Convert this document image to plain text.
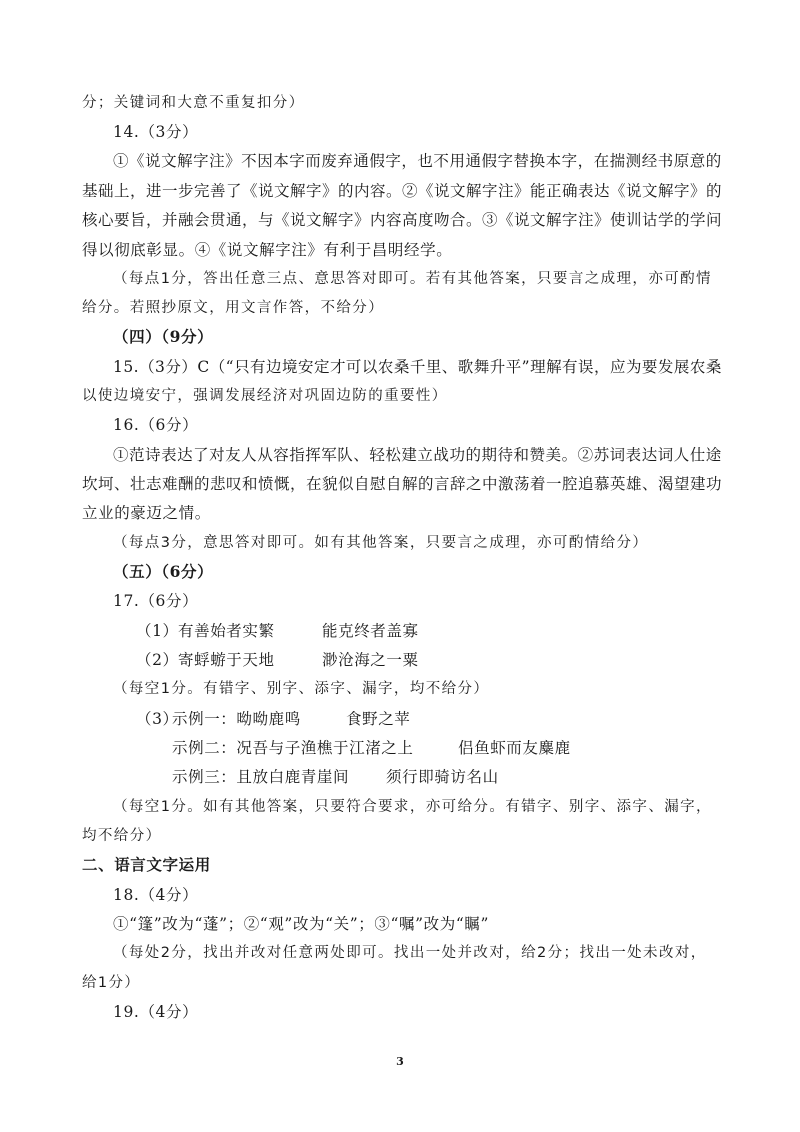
分；关键词和大意不重复扣分）
14.（3分）
①《说文解字注》不因本字而废弃通假字，也不用通假字替换本字，在揣测经书原意的
基础上，进一步完善了《说文解字》的内容。②《说文解字注》能正确表达《说文解字》的
核心要旨，并融会贯通，与《说文解字》内容高度吻合。③《说文解字注》使训诂学的学问
得以彻底彰显。④《说文解字注》有利于昌明经学。
（每点1分，答出任意三点、意思答对即可。若有其他答案，只要言之成理，亦可酌情
给分。若照抄原文，用文言作答，不给分）
（四）（9分）
15.（3分）C（“只有边境安定才可以农桑千里、歌舞升平”理解有误，应为要发展农桑
以使边境安宁，强调发展经济对巩固边防的重要性）
16.（6分）
①范诗表达了对友人从容指挥军队、轻松建立战功的期待和赞美。②苏词表达词人仕途
坎坷、壮志难酬的悲叹和愤慨，在貌似自慰自解的言辞之中激荡着一腔追慕英雄、渴望建功
立业的豪迈之情。
（每点3分，意思答对即可。如有其他答案，只要言之成理，亦可酌情给分）
（五）（6分）
17.（6分）
（1） 有善始者实繁	能克终者盖寡
（2） 寄蜉蝣于天地	渺沧海之一粟
（每空1分。有错字、别字、添字、漏字，均不给分）
（3）
示例一：呦呦鹿鸣	食野之苹
示例二：况吾与子渔樵于江渚之上	侣鱼虾而友麋鹿
示例三：且放白鹿青崖间 须行即骑访名山
（每空1分。如有其他答案，只要符合要求，亦可给分。有错字、别字、添字、漏字，
均不给分）
二、语言文字运用
18.（4分）
①“篷”改为“蓬”；②“观”改为“关”；③“嘱”改为“瞩”
（每处2分，找出并改对任意两处即可。找出一处并改对，给2分；找出一处未改对，
给1分）
19.（4分）
3
